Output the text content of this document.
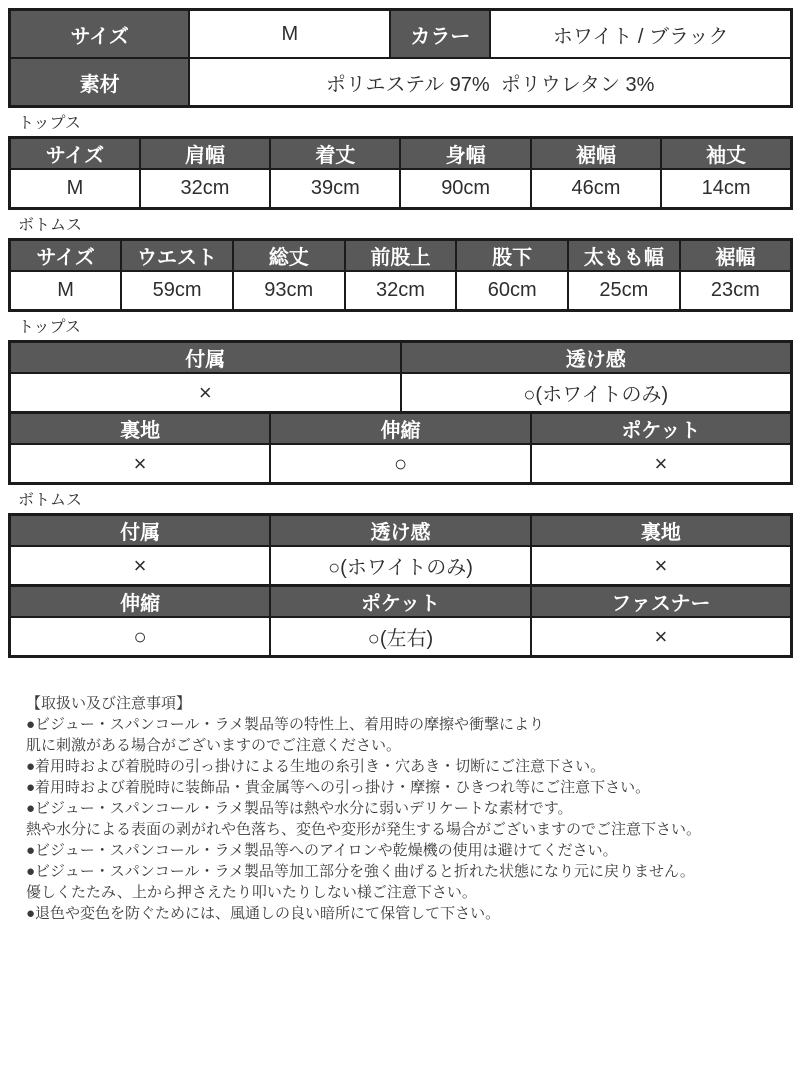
サイズ	M	カラー	ホワイト / ブラック
素材	ポリエステル 97%  ポリウレタン 3%		
トップス
サイズ	肩幅	着丈	身幅	裾幅	袖丈
M	32cm	39cm	90cm	46cm	14cm
ボトムス
サイズ	ウエスト	総丈	前股上	股下	太もも幅	裾幅
M	59cm	93cm	32cm	60cm	25cm	23cm
トップス
付属	透け感
×	○(ホワイトのみ)
裏地	伸縮	ポケット
×	○	×
ボトムス
付属	透け感	裏地
×	○(ホワイトのみ)	×
伸縮	ポケット	ファスナー
○	○(左右)	×
【取扱い及び注意事項】
●ビジュー・スパンコール・ラメ製品等の特性上、着用時の摩擦や衝撃により
肌に刺激がある場合がございますのでご注意ください。
●着用時および着脱時の引っ掛けによる生地の糸引き・穴あき・切断にご注意下さい。
●着用時および着脱時に装飾品・貴金属等への引っ掛け・摩擦・ひきつれ等にご注意下さい。
●ビジュー・スパンコール・ラメ製品等は熱や水分に弱いデリケートな素材です。
熱や水分による表面の剥がれや色落ち、変色や変形が発生する場合がございますのでご注意下さい。
●ビジュー・スパンコール・ラメ製品等へのアイロンや乾燥機の使用は避けてください。
●ビジュー・スパンコール・ラメ製品等加工部分を強く曲げると折れた状態になり元に戻りません。
優しくたたみ、上から押さえたり叩いたりしない様ご注意下さい。
●退色や変色を防ぐためには、風通しの良い暗所にて保管して下さい。
